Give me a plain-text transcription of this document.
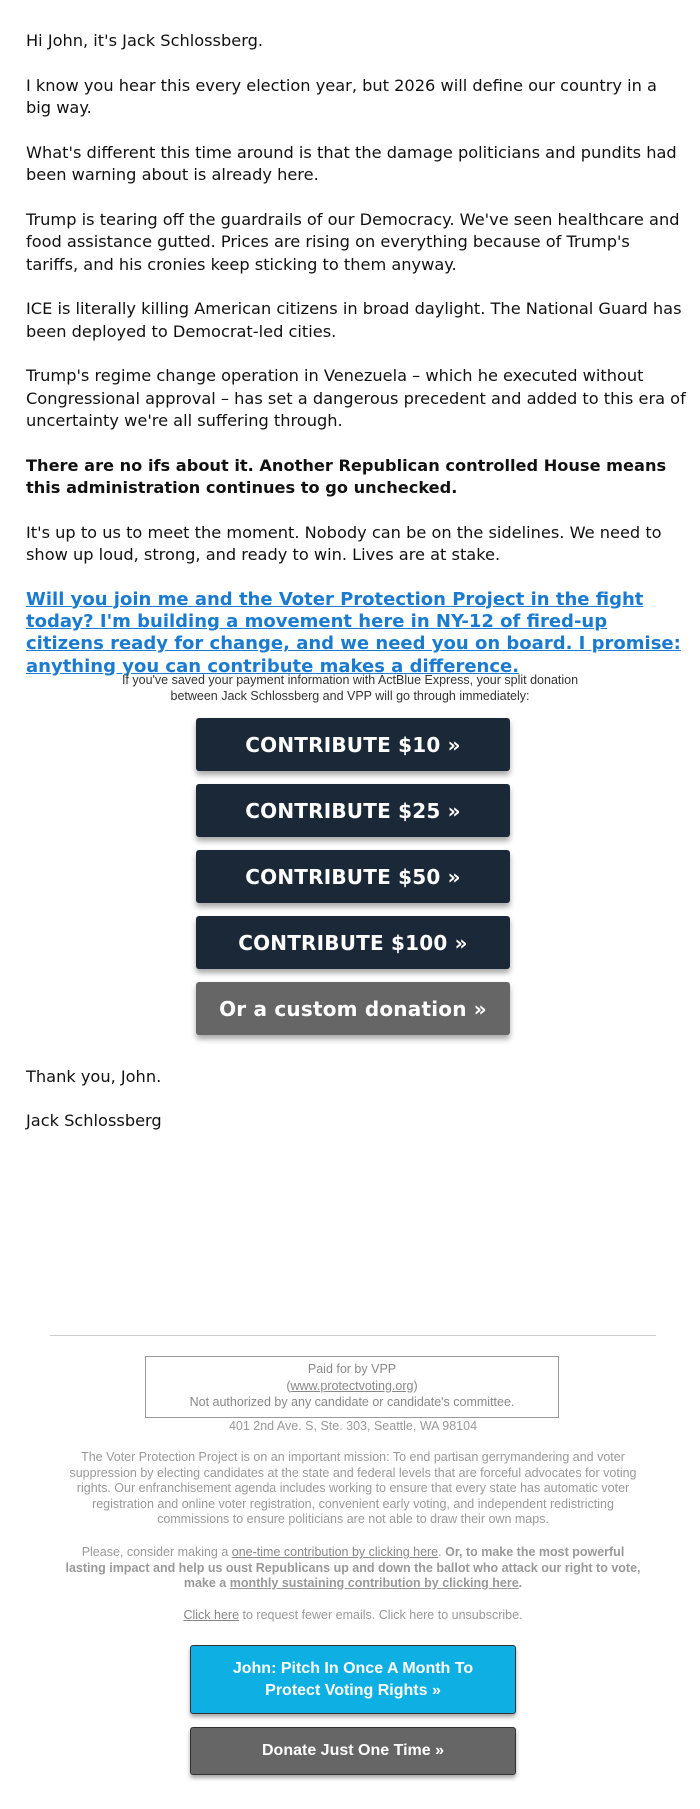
Hi John, it's Jack Schlossberg.

I know you hear this every election year, but 2026 will define our country in a big way.

What's different this time around is that the damage politicians and pundits had been warning about is already here.

Trump is tearing off the guardrails of our Democracy. We've seen healthcare and food assistance gutted. Prices are rising on everything because of Trump's tariffs, and his cronies keep sticking to them anyway.

ICE is literally killing American citizens in broad daylight. The National Guard has been deployed to Democrat-led cities.

Trump's regime change operation in Venezuela – which he executed without Congressional approval – has set a dangerous precedent and added to this era of uncertainty we're all suffering through.

There are no ifs about it. Another Republican controlled House means this administration continues to go unchecked.

It's up to us to meet the moment. Nobody can be on the sidelines. We need to show up loud, strong, and ready to win. Lives are at stake.

Will you join me and the Voter Protection Project in the fight today? I'm building a movement here in NY-12 of fired-up citizens ready for change, and we need you on board. I promise: anything you can contribute makes a difference.
If you've saved your payment information with ActBlue Express, your split donation between Jack Schlossberg and VPP will go through immediately:
CONTRIBUTE $10 »
CONTRIBUTE $25 »
CONTRIBUTE $50 »
CONTRIBUTE $100 »
Or a custom donation »
Thank you, John.
Jack Schlossberg
Paid for by VPP
(www.protectvoting.org)
Not authorized by any candidate or candidate's committee.
401 2nd Ave. S, Ste. 303, Seattle, WA 98104
The Voter Protection Project is on an important mission: To end partisan gerrymandering and voter suppression by electing candidates at the state and federal levels that are forceful advocates for voting rights. Our enfranchisement agenda includes working to ensure that every state has automatic voter registration and online voter registration, convenient early voting, and independent redistricting commissions to ensure politicians are not able to draw their own maps.
Please, consider making a one-time contribution by clicking here. Or, to make the most powerful lasting impact and help us oust Republicans up and down the ballot who attack our right to vote, make a monthly sustaining contribution by clicking here.
Click here to request fewer emails. Click here to unsubscribe.
John: Pitch In Once A Month To Protect Voting Rights »
Donate Just One Time »
